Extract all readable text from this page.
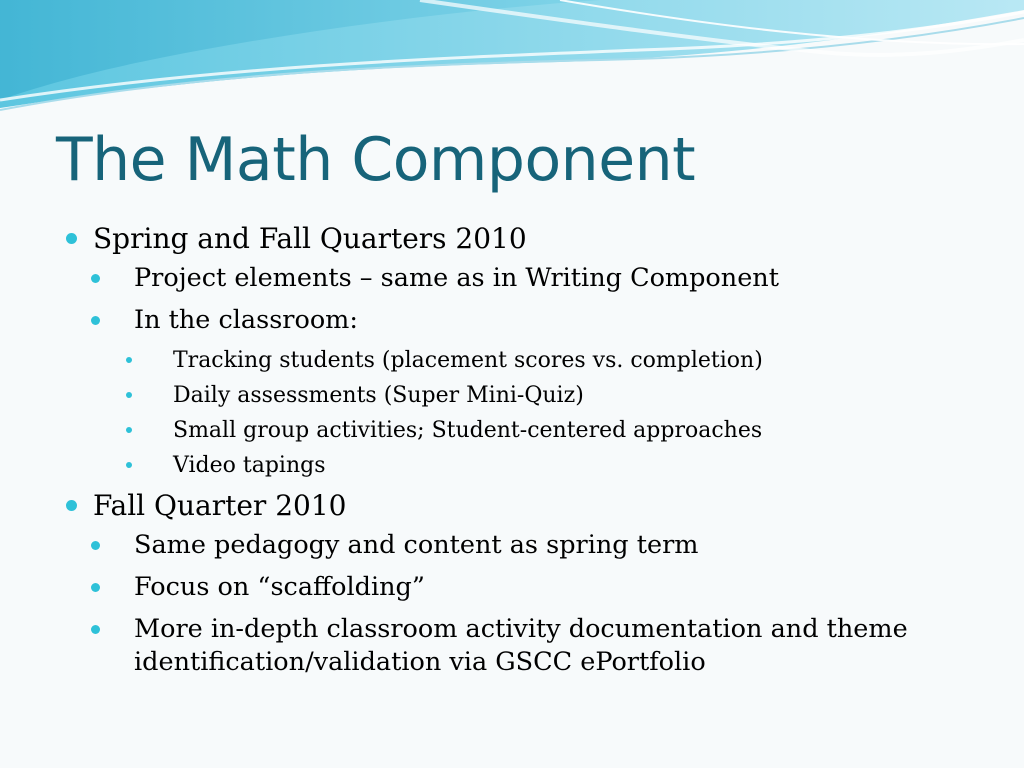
The Math Component
Spring and Fall Quarters 2010
Project elements – same as in Writing Component
In the classroom:
Tracking students (placement scores vs. completion)
Daily assessments (Super Mini-Quiz)
Small group activities; Student-centered approaches
Video tapings
Fall Quarter 2010
Same pedagogy and content as spring term
Focus on “scaffolding”
More in-depth classroom activity documentation and theme identification/validation via GSCC ePortfolio
